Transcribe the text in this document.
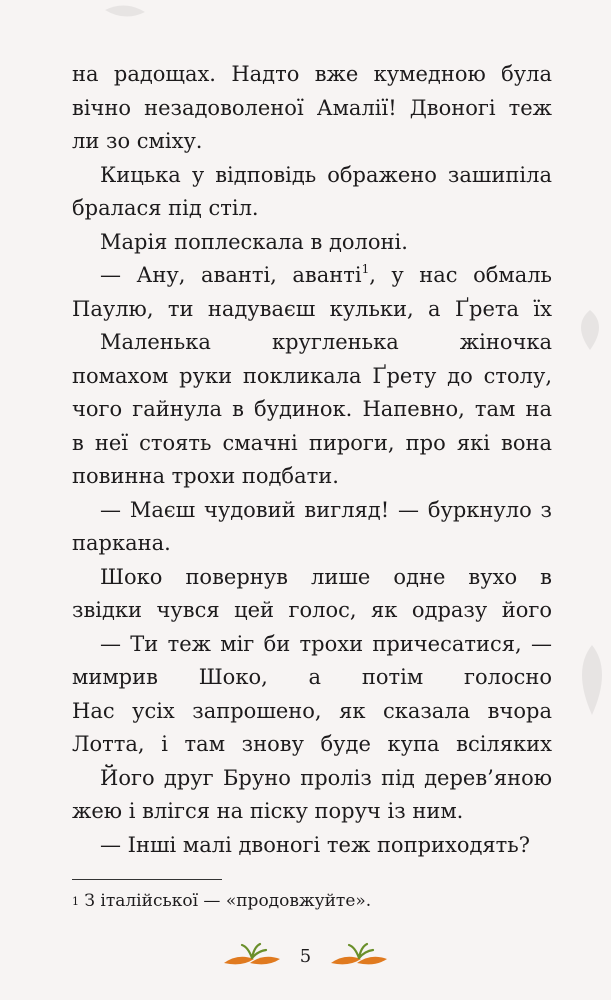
на радощах. Надто вже кумедною була
вічно незадоволеної Амалії! Двоногі теж
ли зо сміху.
Кицька у відповідь ображено зашипіла
бралася під стіл.
Марія поплескала в долоні.
— Ану, аванті, аванті$^1$, у нас обмаль
Паулю, ти надуваєш кульки, а Ґрета їх
Маленька кругленька жіночка
помахом руки покликала Ґрету до столу,
чого гайнула в будинок. Напевно, там на
в неї стоять смачні пироги, про які вона
повинна трохи подбати.
— Маєш чудовий вигляд! — буркнуло з
паркана.
Шоко повернув лише одне вухо в
звідки чувся цей голос, як одразу його
— Ти теж міг би трохи причесатися, —
мимрив Шоко, а потім голосно
Нас усіх запрошено, як сказала вчора
Лотта, і там знову буде купа всіляких
Його друг Бруно проліз під дерев’яною
жею і влігся на піску поруч із ним.
— Інші малі двоногі теж поприходять?
$^1$ З італійської — «продовжуйте».
5
